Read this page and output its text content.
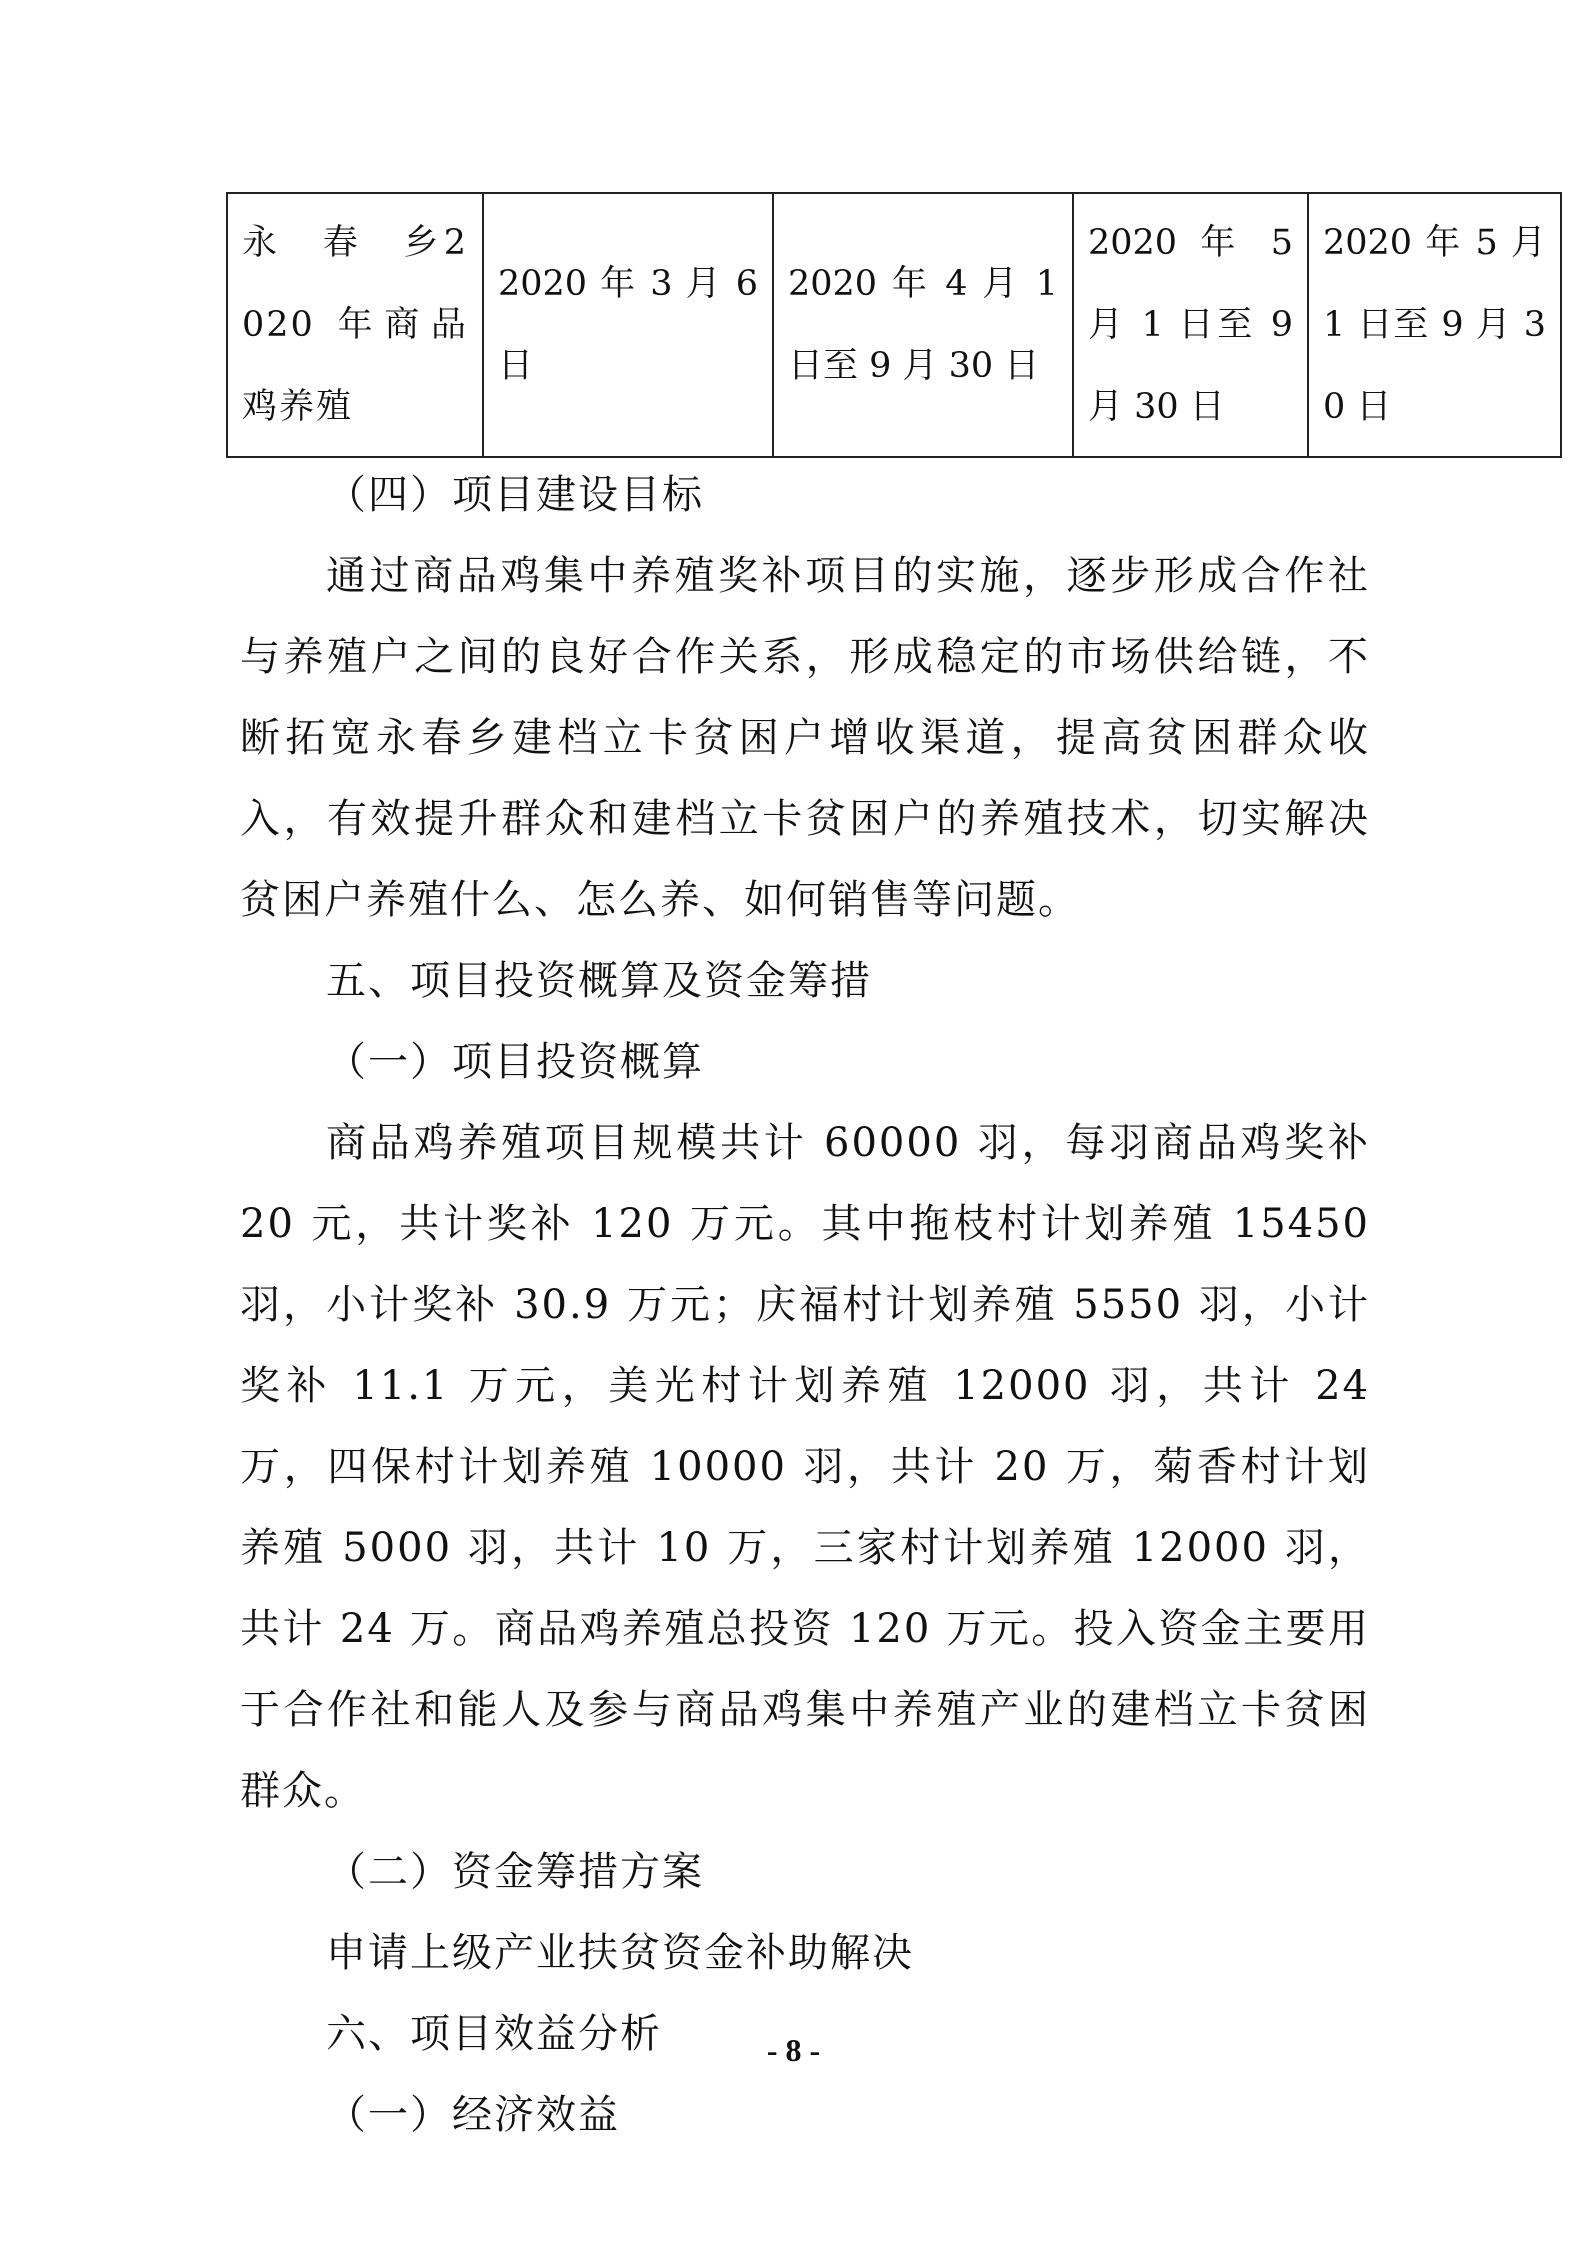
永　春　乡2020 年商品鸡养殖	2020 年 3 月 6 日	2020 年 4 月 1 日至 9 月 30 日	2020 年 5 月 1 日至 9 月 30 日	2020 年 5 月 1 日至 9 月 30 日
（四）项目建设目标

通过商品鸡集中养殖奖补项目的实施，逐步形成合作社与养殖户之间的良好合作关系，形成稳定的市场供给链，不断拓宽永春乡建档立卡贫困户增收渠道，提高贫困群众收入，有效提升群众和建档立卡贫困户的养殖技术，切实解决贫困户养殖什么、怎么养、如何销售等问题。

五、项目投资概算及资金筹措
（一）项目投资概算

商品鸡养殖项目规模共计 60000 羽，每羽商品鸡奖补 20 元，共计奖补 120 万元。其中拖枝村计划养殖 15450 羽，小计奖补 30.9 万元；庆福村计划养殖 5550 羽，小计奖补 11.1 万元，美光村计划养殖 12000 羽，共计 24 万，四保村计划养殖 10000 羽，共计 20 万，菊香村计划养殖 5000 羽，共计 10 万，三家村计划养殖 12000 羽，共计 24 万。商品鸡养殖总投资 120 万元。投入资金主要用于合作社和能人及参与商品鸡集中养殖产业的建档立卡贫困群众。

（二）资金筹措方案
申请上级产业扶贫资金补助解决
六、项目效益分析
（一）经济效益
- 8 -
